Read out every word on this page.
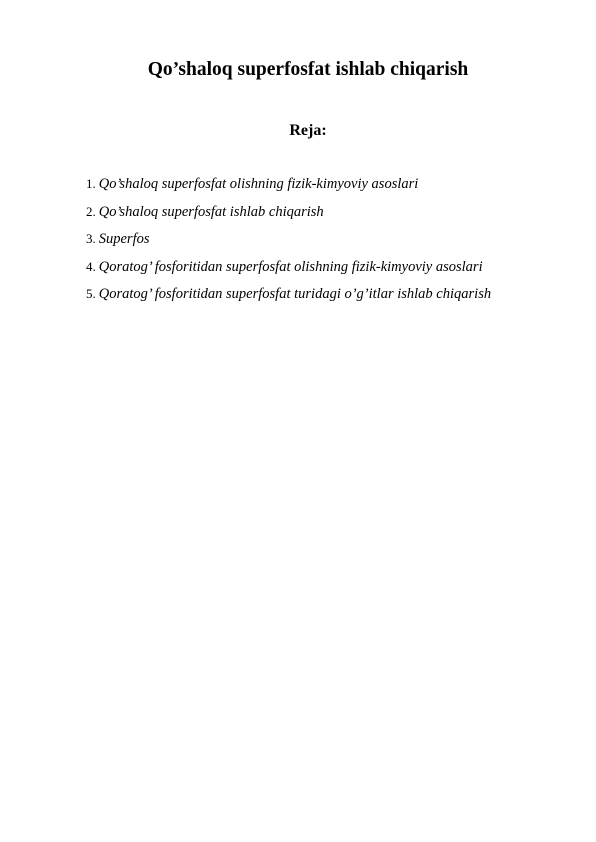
Qo’shaloq superfosfat ishlab chiqarish
Reja:
1. Qo’shaloq superfosfat olishning fizik-kimyoviy asoslari
2. Qo’shaloq superfosfat ishlab chiqarish
3. Superfos
4. Qoratog’ fosforitidan superfosfat olishning fizik-kimyoviy asoslari
5. Qoratog’ fosforitidan superfosfat turidagi o’g’itlar ishlab chiqarish
